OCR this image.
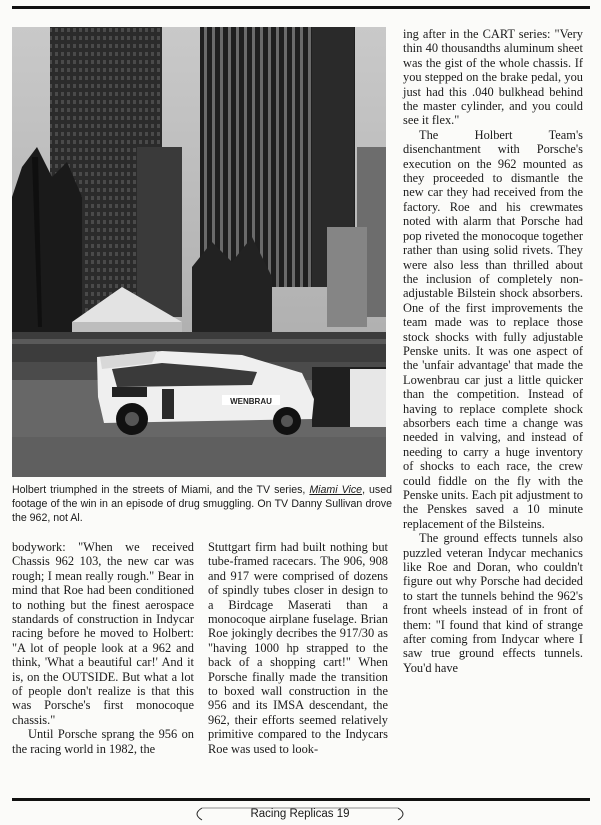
WENBRAU
Holbert triumphed in the streets of Miami, and the TV series, Miami Vice, used footage of the win in an episode of drug smuggling. On TV Danny Sullivan drove the 962, not Al.

bodywork: "When we received Chassis 962 103, the new car was rough; I mean really rough." Bear in mind that Roe had been conditioned to nothing but the finest aerospace standards of construction in Indycar racing before he moved to Holbert: "A lot of people look at a 962 and think, 'What a beautiful car!' And it is, on the OUTSIDE. But what a lot of people don't realize is that this was Porsche's first monocoque chassis."

Until Porsche sprang the 956 on the racing world in 1982, the

Stuttgart firm had built nothing but tube-framed racecars. The 906, 908 and 917 were comprised of dozens of spindly tubes closer in design to a Birdcage Maserati than a monocoque airplane fuselage. Brian Roe jokingly decribes the 917/30 as "having 1000 hp strapped to the back of a shopping cart!" When Porsche finally made the transition to boxed wall construction in the 956 and its IMSA descendant, the 962, their efforts seemed relatively primitive compared to the Indycars Roe was used to look-

ing after in the CART series: "Very thin 40 thousandths aluminum sheet was the gist of the whole chassis. If you stepped on the brake pedal, you just had this .040 bulkhead behind the master cylinder, and you could see it flex."

The Holbert Team's disenchantment with Porsche's execution on the 962 mounted as they proceeded to dismantle the new car they had received from the factory. Roe and his crewmates noted with alarm that Porsche had pop riveted the monocoque together rather than using solid rivets. They were also less than thrilled about the inclusion of completely non-adjustable Bilstein shock absorbers. One of the first improvements the team made was to replace those stock shocks with fully adjustable Penske units. It was one aspect of the 'unfair advantage' that made the Lowenbrau car just a little quicker than the competition. Instead of having to replace complete shock absorbers each time a change was needed in valving, and instead of needing to carry a huge inventory of shocks to each race, the crew could fiddle on the fly with the Penske units. Each pit adjustment to the Penskes saved a 10 minute replacement of the Bilsteins.

The ground effects tunnels also puzzled veteran Indycar mechanics like Roe and Doran, who couldn't figure out why Porsche had decided to start the tunnels behind the 962's front wheels instead of in front of them: "I found that kind of strange after coming from Indycar where I saw true ground effects tunnels. You'd have

Racing Replicas 19
